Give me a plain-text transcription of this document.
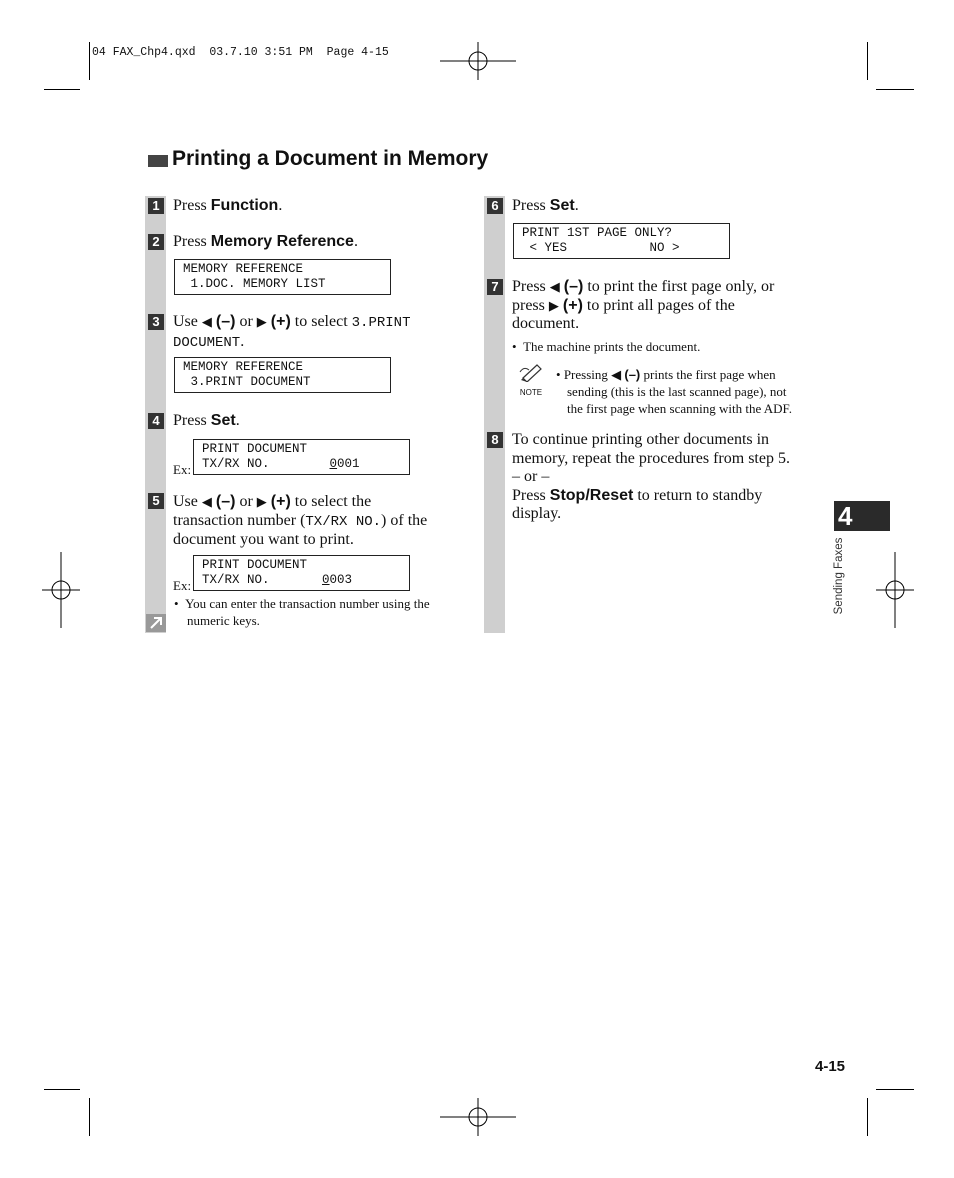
04 FAX_Chp4.qxd  03.7.10 3:51 PM  Page 4-15
Printing a Document in Memory
1 Press Function.
2 Press Memory Reference.
MEMORY REFERENCE
1.DOC. MEMORY LIST
3 Use ◀ (–) or ▶ (+) to select 3.PRINT
DOCUMENT.
MEMORY REFERENCE
3.PRINT DOCUMENT
4 Press Set.
Ex:
PRINT DOCUMENT
TX/RX NO.        0001
5 Use ◀ (–) or ▶ (+) to select the
transaction number (TX/RX NO.) of the
document you want to print.
Ex:
PRINT DOCUMENT
TX/RX NO.       0003
•  You can enter the transaction number using the
numeric keys.
6 Press Set.
PRINT 1ST PAGE ONLY?
< YES           NO >
7 Press ◀ (–) to print the first page only, or
press ▶ (+) to print all pages of the
document.
•  The machine prints the document.
NOTE
• Pressing ◀ (–) prints the first page when
sending (this is the last scanned page), not
the first page when scanning with the ADF.
8 To continue printing other documents in
memory, repeat the procedures from step 5.
– or –
Press Stop/Reset to return to standby
display.	4
Sending Faxes
4-15
